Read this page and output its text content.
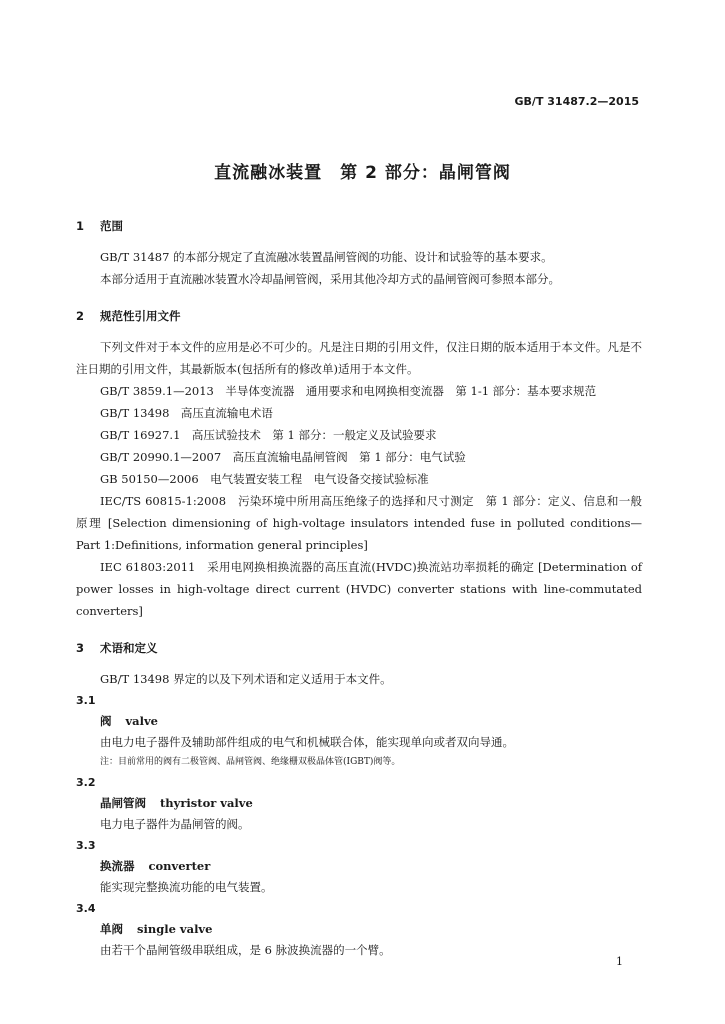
GB/T 31487.2—2015
直流融冰装置　第 2 部分：晶闸管阀
1 范围
GB/T 31487 的本部分规定了直流融冰装置晶闸管阀的功能、设计和试验等的基本要求。
本部分适用于直流融冰装置水冷却晶闸管阀，采用其他冷却方式的晶闸管阀可参照本部分。
2 规范性引用文件
下列文件对于本文件的应用是必不可少的。凡是注日期的引用文件，仅注日期的版本适用于本文件。凡是不注日期的引用文件，其最新版本(包括所有的修改单)适用于本文件。
GB/T 3859.1—2013　半导体变流器　通用要求和电网换相变流器　第 1-1 部分：基本要求规范
GB/T 13498　高压直流输电术语
GB/T 16927.1　高压试验技术　第 1 部分：一般定义及试验要求
GB/T 20990.1—2007　高压直流输电晶闸管阀　第 1 部分：电气试验
GB 50150—2006　电气装置安装工程　电气设备交接试验标准
IEC/TS 60815-1:2008　污染环境中所用高压绝缘子的选择和尺寸测定　第 1 部分：定义、信息和一般原理 [Selection dimensioning of high-voltage insulators intended fuse in polluted conditions—Part 1:Definitions, information general principles]
IEC 61803:2011　采用电网换相换流器的高压直流(HVDC)换流站功率损耗的确定 [Determination of power losses in high-voltage direct current (HVDC) converter stations with line-commutated converters]
3 术语和定义
GB/T 13498 界定的以及下列术语和定义适用于本文件。
3.1
阀 valve
由电力电子器件及辅助部件组成的电气和机械联合体，能实现单向或者双向导通。
注：目前常用的阀有二极管阀、晶闸管阀、绝缘栅双极晶体管(IGBT)阀等。
3.2
晶闸管阀 thyristor valve
电力电子器件为晶闸管的阀。
3.3
换流器 converter
能实现完整换流功能的电气装置。
3.4
单阀 single valve
由若干个晶闸管级串联组成，是 6 脉波换流器的一个臂。
1
